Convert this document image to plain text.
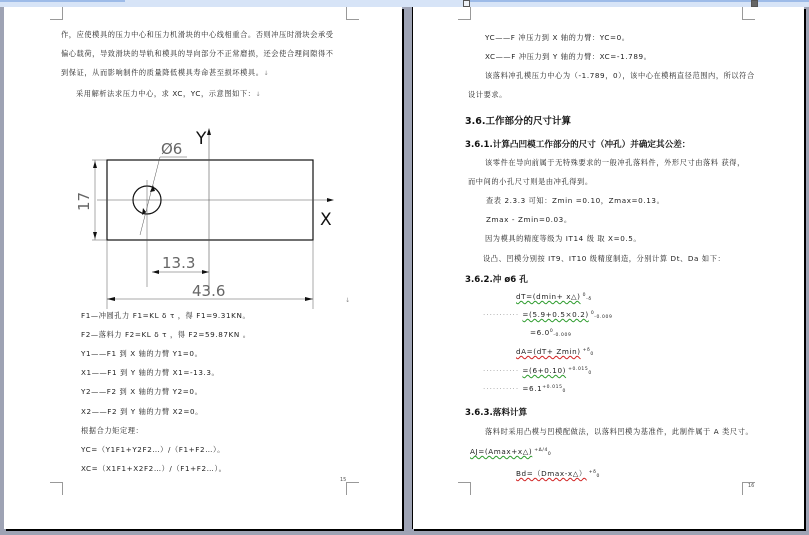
作，应使模具的压力中心和压力机滑块的中心线相重合。否则冲压时滑块会承受
偏心载荷，导致滑块的导轨和模具的导向部分不正常磨损，还会使合理间隙得不
到保证，从而影响制件的质量降低模具寿命甚至损坏模具。↓
采用解析法求压力中心，求 XC，YC，示意图如下：↓
Y
X
Ø6
17
13.3
43.6
↓
F1—冲圆孔力 F1=KL δ τ ，得 F1=9.31KN。
F2—落料力 F2=KL δ τ ，得 F2=59.87KN 。
Y1——F1 到 X 轴的力臂 Y1=0。
X1——F1 到 Y 轴的力臂 X1=-13.3。
Y2——F2 到 X 轴的力臂 Y2=0。
X2——F2 到 Y 轴的力臂 X2=0。
根据合力矩定理：
YC=（Y1F1+Y2F2…）/（F1+F2…）。
XC=（X1F1+X2F2…）/（F1+F2…）。
15
YC——F 冲压力到 X 轴的力臂：YC=0。
XC——F 冲压力到 Y 轴的力臂：XC=-1.789。
该落料冲孔模压力中心为（-1.789，0），该中心在模柄直径范围内，所以符合
设计要求。
3.6.工作部分的尺寸计算
3.6.1.计算凸凹模工作部分的尺寸（冲孔）并确定其公差：
该零件在导向前属于无特殊要求的一般冲孔落料件，外形尺寸由落料 获得，
而中间的小孔尺寸则是由冲孔得到。
查表 2.3.3 可知：Zmin =0.10，Zmax=0.13。
Zmax - Zmin=0.03。
因为模具的精度等级为 IT14 级 取 X=0.5。
设凸、凹模分别按 IT9、IT10 级精度制造，分别计算 Dt、Da 如下：
3.6.2.冲 ø6 孔
dT=(dmin+ x△) $^0_{-\delta}$
··········· =(5.9+0.5×0.2) $^0_{-0.009}$
$=6.0^0_{-0.009}$
dA=(dT+ Zmin) $^{+\delta}_0$
··········· =(6+0.10) $^{+0.015}_0$
··········· $=6.1^{+0.015}_0$
3.6.3.落料计算
落料时采用凸模与凹模配做法，以落料凹模为基准件，此制件属于 A 类尺寸。
AJ=(Amax+x△) $^{+\Delta/4}_0$
Bd=（Dmax-x△） $^{+\delta}_0$
16
